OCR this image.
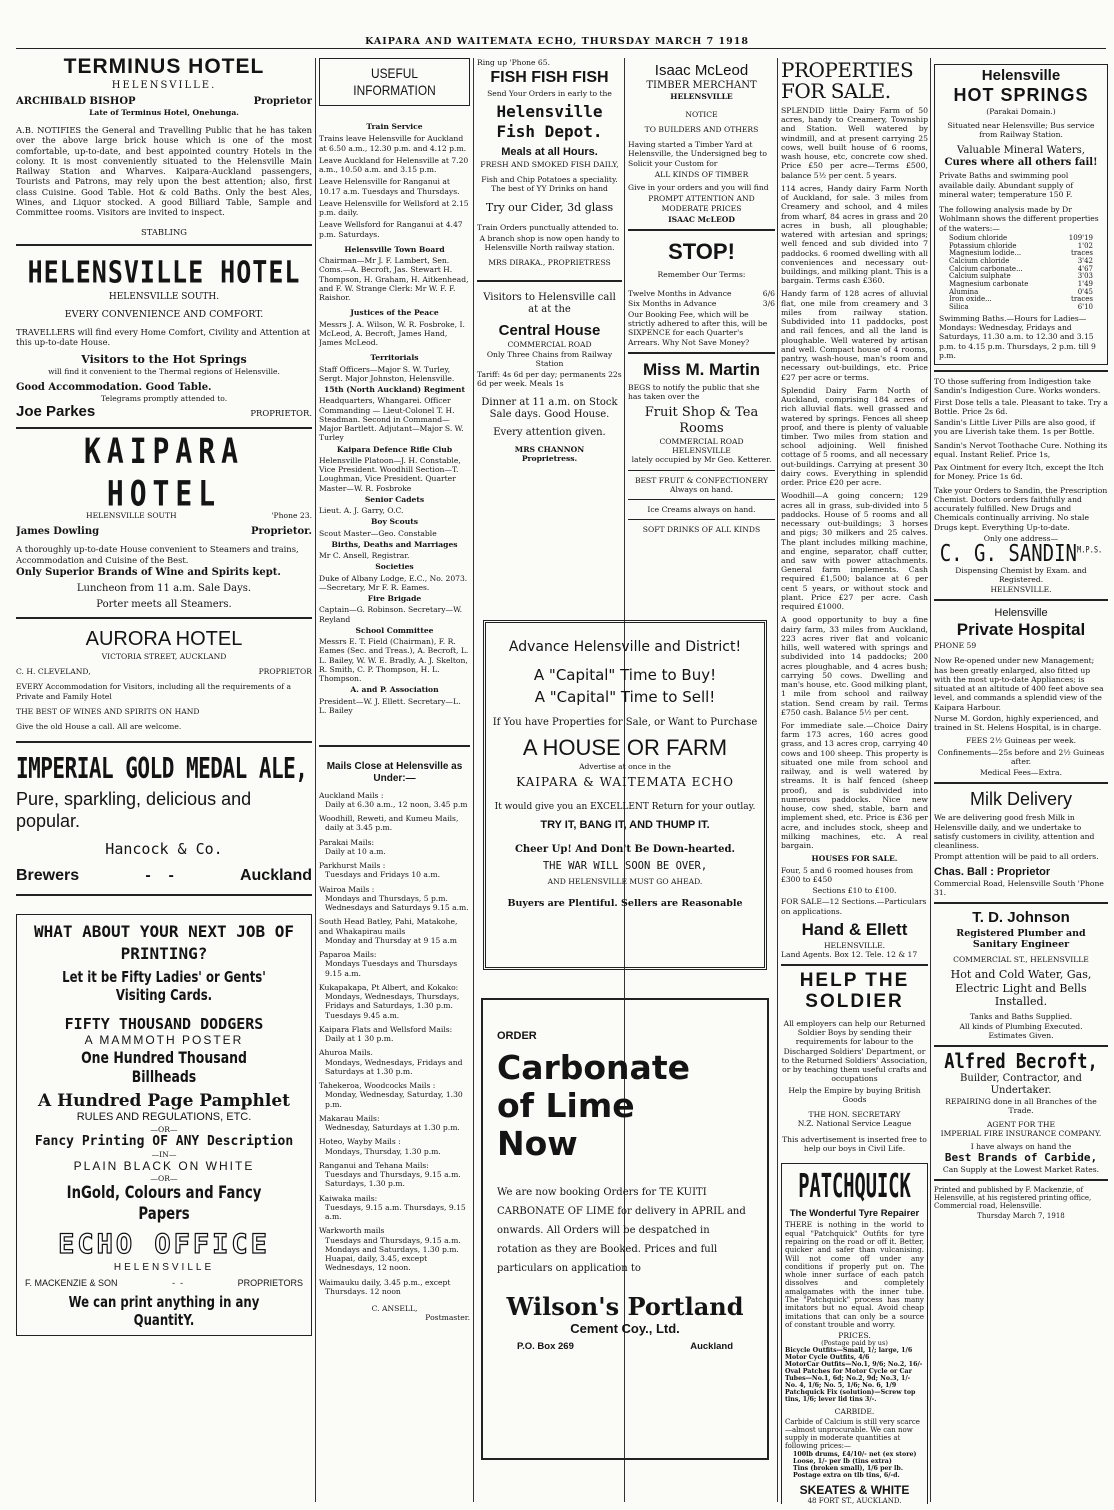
KAIPARA AND WAITEMATA ECHO, THURSDAY MARCH 7 1918
TERMINUS HOTEL
HELENSVILLE.
ARCHIBALD BISHOP	Proprietor
Late of Terminus Hotel, Onehunga.

A.B. NOTIFIES the General and Travelling Public that he has taken over the above large brick house which is one of the most comfortable, up-to-date, and best appointed country Hotels in the colony. It is most conveniently situated to the Helensville Main Railway Station and Wharves. Kaipara-Auckland passengers, Tourists and Patrons, may rely upon the best attention; also, first class Cuisine. Good Table. Hot & cold Baths. Only the best Ales, Wines, and Liquor stocked. A good Billiard Table, Sample and Committee rooms. Visitors are invited to inspect.

STABLING
HELENSVILLE HOTEL
HELENSVILLE SOUTH.
EVERY CONVENIENCE AND COMFORT.

TRAVELLERS will find every Home Comfort, Civility and Attention at this up-to-date House.

Visitors to the Hot Springs
will find it convenient to the Thermal regions of Helensville.
Good Accommodation. Good Table.
Telegrams promptly attended to.
Joe Parkes	PROPRIETOR.
KAIPARA HOTEL
HELENSVILLE SOUTH	'Phone 23.
James Dowling	Proprietor.

A thoroughly up-to-date House convenient to Steamers and trains, Accommodation and Cuisine of the Best.

Only Superior Brands of Wine and Spirits kept.
Luncheon from 11 a.m. Sale Days.
Porter meets all Steamers.
AURORA HOTEL
VICTORIA STREET, AUCKLAND
C. H. CLEVELAND,	PROPRIETOR

EVERY Accommodation for Visitors, including all the requirements of a Private and Family Hotel

THE BEST OF WINES AND SPIRITS ON HAND

Give the old House a call. All are welcome.

IMPERIAL GOLD MEDAL ALE,
Pure, sparkling, delicious and popular.
Hancock & Co.
Brewers	-    -	Auckland
WHAT ABOUT YOUR NEXT JOB OF PRINTING?
Let it be Fifty Ladies' or Gents' Visiting Cards.
FIFTY THOUSAND DODGERS
A MAMMOTH POSTER
One Hundred Thousand Billheads
A Hundred Page Pamphlet
RULES AND REGULATIONS, ETC.
—OR—
Fancy Printing OF ANY Description
—IN—
PLAIN BLACK ON WHITE
—OR—
InGold, Colours and Fancy Papers
ECHO OFFICE
HELENSVILLE
F. MACKENZIE & SON	-  -	PROPRIETORS
We can print anything in any QuantitY.
USEFUL INFORMATION
Train Service

Trains leave Helensville for Auckland at 6.50 a.m., 12.30 p.m. and 4.12 p.m.

Leave Auckland for Helensville at 7.20 a.m., 10.50 a.m. and 3.15 p.m.

Leave Helensville for Ranganui at 10.17 a.m. Tuesdays and Thursdays.

Leave Helensville for Wellsford at 2.15 p.m. daily.

Leave Wellsford for Ranganui at 4.47 p.m. Saturdays.

Helensville Town Board

Chairman—Mr J. F. Lambert, Sen. Coms.—A. Becroft, Jas. Stewart H. Thompson, H. Graham, H. Aitkenhead, and F. W. Strange Clerk: Mr W. F. F. Raishor.

Justices of the Peace

Messrs J. A. Wilson, W. R. Fosbroke, I. McLeod, A. Becroft, James Hand, James McLeod.

Territorials

Staff Officers—Major S. W. Turley, Sergt. Major Johnston, Helensville.

15th (North Auckland) Regiment

Headquarters, Whangarei. Officer Commanding — Lieut-Colonel T. H. Steadman. Second in Command—Major Bartlett. Adjutant—Major S. W. Turley

Kaipara Defence Rifle Club

Helensville Platoon—J. H. Constable, Vice President. Woodhill Section—T. Loughman, Vice President. Quarter Master—W. R. Fosbroke

Senior Cadets

Lieut. A. J. Garry, O.C.

Boy Scouts

Scout Master—Geo. Constable

Births, Deaths and Marriages

Mr C. Ansell, Registrar.

Societies

Duke of Albany Lodge, E.C., No. 2073.—Secretary, Mr F. R. Eames.

Fire Brigade

Captain—G. Robinson. Secretary—W. Reyland

School Committee

Messrs E. T. Field (Chairman), F. R. Eames (Sec. and Treas.), A. Becroft, L. L. Bailey, W. W. E. Bradly, A. J. Skelton, R. Smith, C. P. Thompson, H. L. Thompson.

A. and P. Association

President—W. J. Ellett. Secretary—L. L. Bailey

Mails Close at Helensville as Under:—
Auckland Mails :
Daily at 6.30 a.m., 12 noon, 3.45 p.m
Woodhill, Reweti, and Kumeu Mails,
daily at 3.45 p.m.
Parakai Mails:
Daily at 10 a.m.
Parkhurst Mails :
Tuesdays and Fridays 10 a.m.
Wairoa Mails :
Mondays and Thursdays, 5 p.m. Wednesdays and Saturdays 9.15 a.m.
South Head Batley, Pahi, Matakohe, and Whakapirau mails
Monday and Thursday at 9 15 a.m
Paparoa Mails:
Mondays Tuesdays and Thursdays 9.15 a.m.
Kukapakapa, Pt Albert, and Kokako:
Mondays, Wednesdays, Thursdays, Fridays and Saturdays, 1.30 p.m. Tuesdays 9.45 a.m.
Kaipara Flats and Wellsford Mails:
Daily at 1 30 p.m.
Ahuroa Mails.
Mondays, Wednesdays, Fridays and Saturdays at 1.30 p.m.
Tahekeroa, Woodcocks Mails :
Monday, Wednesday, Saturday, 1.30 p.m.
Makarau Mails:
Wednesday, Saturdays at 1.30 p.m.
Hoteo, Wayby Mails :
Mondays, Thursday, 1.30 p.m.
Ranganui and Tehana Mails:
Tuesdays and Thursdays, 9.15 a.m. Saturdays, 1.30 p.m.
Kaiwaka mails:
Tuesdays, 9.15 a.m. Thursdays, 9.15 a.m.
Warkworth mails
Tuesdays and Thursdays, 9.15 a.m. Mondays and Saturdays, 1.30 p.m. Huapai, daily, 3.45, except Wednesdays, 12 noon.
Waimauku daily, 3.45 p.m., except
Thursdays. 12 noon
C. ANSELL,
Postmaster.
Ring up 'Phone 65.
FISH FISH FISH
Send Your Orders in early to the
Helensville Fish Depot.
Meals at all Hours.
FRESH AND SMOKED FISH DAILY,

Fish and Chip Potatoes a speciality. The best of YY Drinks on hand

Try our Cider, 3d glass

Train Orders punctually attended to.

A branch shop is now open handy to Helensville North railway station.

MRS DIRAKA., PROPRIETRESS

Visitors to Helensville call at at the

Central House
COMMERCIAL ROAD
Only Three Chains from Railway Station

Tariff: 4s 6d per day; permanents 22s 6d per week. Meals 1s

Dinner at 11 a.m. on Stock Sale days. Good House.

Every attention given.
MRS CHANNON
Proprietress.
Isaac McLeod
TIMBER MERCHANT
HELENSVILLE
NOTICE
TO BUILDERS AND OTHERS

Having started a Timber Yard at Helensville, the Undersigned beg to Solicit your Custom for

ALL KINDS OF TIMBER

Give in your orders and you will find

PROMPT ATTENTION AND MODERATE PRICES

ISAAC McLEOD
STOP!
Remember Our Terms:
Twelve Months in Advance	6/6
Six Months in Advance	3/6

Our Booking Fee, which will be strictly adhered to after this, will be SIXPENCE for each Quarter's Arrears. Why Not Save Money?

Miss M. Martin

BEGS to notify the public that she has taken over the

Fruit Shop & Tea Rooms
COMMERCIAL ROAD
HELENSVILLE
lately occupied by Mr Geo. Ketterer.
BEST FRUIT & CONFECTIONERY
Always on hand.
Ice Creams always on hand.
SOFT DRINKS OF ALL KINDS
Advance Helensville and District!
A "Capital" Time to Buy!
A "Capital" Time to Sell!
If You have Properties for Sale, or Want to Purchase
A HOUSE OR FARM
Advertise at once in the
KAIPARA & WAITEMATA ECHO
It would give you an EXCELLENT Return for your outlay.
TRY IT, BANG IT, AND THUMP IT.
Cheer Up! And Don't Be Down-hearted.
THE WAR WILL SOON BE OVER,
AND HELENSVILLE MUST GO AHEAD.
Buyers are Plentiful. Sellers are Reasonable
ORDER
Carbonate
of Lime
Now

We are now booking Orders for TE KUITI CARBONATE OF LIME for delivery in APRIL and onwards. All Orders will be despatched in rotation as they are Booked. Prices and full particulars on application to

Wilson's Portland
Cement Coy., Ltd.
P.O. Box 269	Auckland
PROPERTIES FOR SALE.

SPLENDID little Dairy Farm of 50 acres, handy to Creamery, Township and Station. Well watered by windmill, and at present carrying 25 cows, well built house of 6 rooms, wash house, etc, concrete cow shed. Price £50 per acre—Terms £500, balance 5½ per cent. 5 years.

114 acres, Handy dairy Farm North of Auckland, for sale. 3 miles from Creamery and school, and 4 miles from wharf, 84 acres in grass and 20 acres in bush, all ploughable; watered with artesian and springs; well fenced and sub divided into 7 paddocks. 6 roomed dwelling with all conveniences and necessary out-buildings, and milking plant. This is a bargain. Terms cash £360.

Handy farm of 128 acres of alluvial flat, one mile from creamery and 3 miles from railway station. Subdivided into 11 paddocks, post and rail fences, and all the land is ploughable. Well watered by artisan and well. Compact house of 4 rooms, pantry, wash-house, man's room and necessary out-buildings, etc. Price £27 per acre or terms.

Splendid Dairy Farm North of Auckland, comprising 184 acres of rich alluvial flats. well grassed and watered by springs. Fences all sheep proof, and there is plenty of valuable timber. Two miles from station and school adjoining. Well finished cottage of 5 rooms, and all necessary out-buildings. Carrying at present 30 dairy cows. Everything in splendid order. Price £20 per acre.

Woodhill—A going concern; 129 acres all in grass, sub-divided into 5 paddocks. House of 5 rooms and all necessary out-buildings; 3 horses and pigs; 30 milkers and 25 calves. The plant includes milking machine, and engine, separator, chaff cutter, and saw with power attachments. General farm implements. Cash required £1,500; balance at 6 per cent 5 years, or without stock and plant. Price £27 per acre. Cash required £1000.

A good opportunity to buy a fine dairy farm, 33 miles from Auckland, 223 acres river flat and volcanic hills, well watered with springs and subdivided into 14 paddocks; 200 acres ploughable, and 4 acres bush; carrying 50 cows. Dwelling and man's house, etc. Good milking plant, 1 mile from school and railway station. Send cream by rail. Terms £750 cash. Balance 5½ per cent.

For immediate sale.—Choice Dairy farm 173 acres, 160 acres good grass, and 13 acres crop, carrying 40 cows and 100 sheep. This property is situated one mile from school and railway, and is well watered by streams. It is half fenced (sheep proof), and is subdivided into numerous paddocks. Nice new house, cow shed, stable, barn and implement shed, etc. Price is £36 per acre, and includes stock, sheep and milking machines, etc. A real bargain.

HOUSES FOR SALE.

Four, 5 and 6 roomed houses from £300 to £450

Sections £10 to £100.

FOR SALE—12 Sections.—Particulars on applications.

Hand & Ellett
HELENSVILLE.
Land Agents. Box 12. Tele. 12 & 17
HELP THE
SOLDIER

All employers can help our Returned Soldier Boys by sending their requirements for labour to the Discharged Soldiers' Department, or to the Returned Soldiers' Association, or by teaching them useful crafts and occupations

Help the Empire by buying British Goods
THE HON. SECRETARY
N.Z. National Service League

This advertisement is inserted free to help our boys in Civil Life.

PATCHQUICK
The Wonderful Tyre Repairer

THERE is nothing in the world to equal "Patchquick" Outfits for tyre repairing on the road or off it. Better, quicker and safer than vulcanising. Will not come off under any conditions if properly put on. The whole inner surface of each patch dissolves and completely amalgamates with the inner tube. The "Patchquick" process has many imitators but no equal. Avoid cheap imitations that can only be a source of constant trouble and worry.

PRICES.
(Postage paid by us)

Bicycle Outfits—Small, 1/; large, 1/6

Motor Cycle Outfits, 4/6

MotorCar Outfits—No.1, 9/6; No.2, 16/-

Oval Patches for Motor Cycle or Car Tubes—No.1, 6d; No.2, 9d; No.3, 1/-

No. 4, 1/6; No. 5, 1/6; No. 6, 1/9

Patchquick Fix (solution)—Screw top tins, 1/6; lever lid tins 3/-.

CARBIDE.

Carbide of Calcium is still very scarce—almost unprocurable. We can now supply in moderate quantities at following prices:—

100lb drums, £4/10/- net (ex store)

Loose, 1/- per lb (tins extra)

Tins (broken small), 1/6 per lb.

Postage extra on tlb tins, 6/-d.

SKEATES & WHITE
48 FORT ST., AUCKLAND.
Helensville
HOT SPRINGS
(Parakai Domain.)

Situated near Helensville; Bus service from Railway Station.

Valuable Mineral Waters,
Cures where all others fail!

Private Baths and swimming pool available daily. Abundant supply of mineral water; temperature 150 F.

The following analysis made by Dr Wohlmann shows the different properties of the waters:—

Sodium chloride	109'19
Potassium chloride	1'02
Magnesium lodide...	traces
Calcium chloride	3'42
Calcium carbonate...	4'67
Calcium sulphate	3'03
Magnesium carbonate	1'49
Alumina	0'45
Iron oxide...	traces
Silica	6'10

Swimming Baths.—Hours for Ladies—Mondays: Wednesday, Fridays and Saturdays, 11.30 a.m. to 12.30 and 3.15 p.m. to 4.15 p.m. Thursdays, 2 p.m. till 9 p.m.

TO those suffering from Indigestion take Sandin's Indigestion Cure. Works wonders.

First Dose tells a tale. Pleasant to take. Try a Bottle. Price 2s 6d.

Sandin's Little Liver Pills are also good, if you are Liverish take them. 1s per Bottle.

Sandin's Nervot Toothache Cure. Nothing its equal. Instant Relief. Price 1s,

Pax Ointment for every Itch, except the Itch for Money. Price 1s 6d.

Take your Orders to Sandin, the Prescription Chemist. Doctors orders faithfully and accurately fulfilled. New Drugs and Chemicals continually arriving. No stale Drugs kept. Everything Up-to-date.

Only one address—
C. G. $SANDIN^{M.P.S.}$
Dispensing Chemist by Exam. and Registered.
HELENSVILLE.
Helensville
Private Hospital
PHONE 59

Now Re-opened under new Management; has been greatly enlarged, also fitted up with the most up-to-date Appliances; is situated at an altitude of 400 feet above sea level, and commands a splendid view of the Kaipara Harbour.

Nurse M. Gordon, highly experienced, and trained in St. Helens Hospital, is in charge.

FEES 2½ Guineas per week.

Confinements—25s before and 2½ Guineas after.

Medical Fees—Extra.
Milk Delivery

We are delivering good fresh Milk in Helensville daily, and we undertake to satisfy customers in civility, attention and cleanliness.

Prompt attention will be paid to all orders.

Chas. Ball : Proprietor
Commercial Road, Helensville South 'Phone 31.
T. D. Johnson
Registered Plumber and Sanitary Engineer
COMMERCIAL ST., HELENSVILLE
Hot and Cold Water, Gas, Electric Light and Bells Installed.
Tanks and Baths Supplied.
All kinds of Plumbing Executed.
Estimates Given.
Alfred Becroft,
Builder, Contractor, and Undertaker.
REPAIRING done in all Branches of the Trade.
AGENT FOR THE
IMPERIAL FIRE INSURANCE COMPANY.
I have always on hand the
Best Brands of Carbide,
Can Supply at the Lowest Market Rates.

Printed and published by F. Mackenzie, of Helensville, at his registered printing office, Commercial road, Helensville.

Thursday March 7, 1918
